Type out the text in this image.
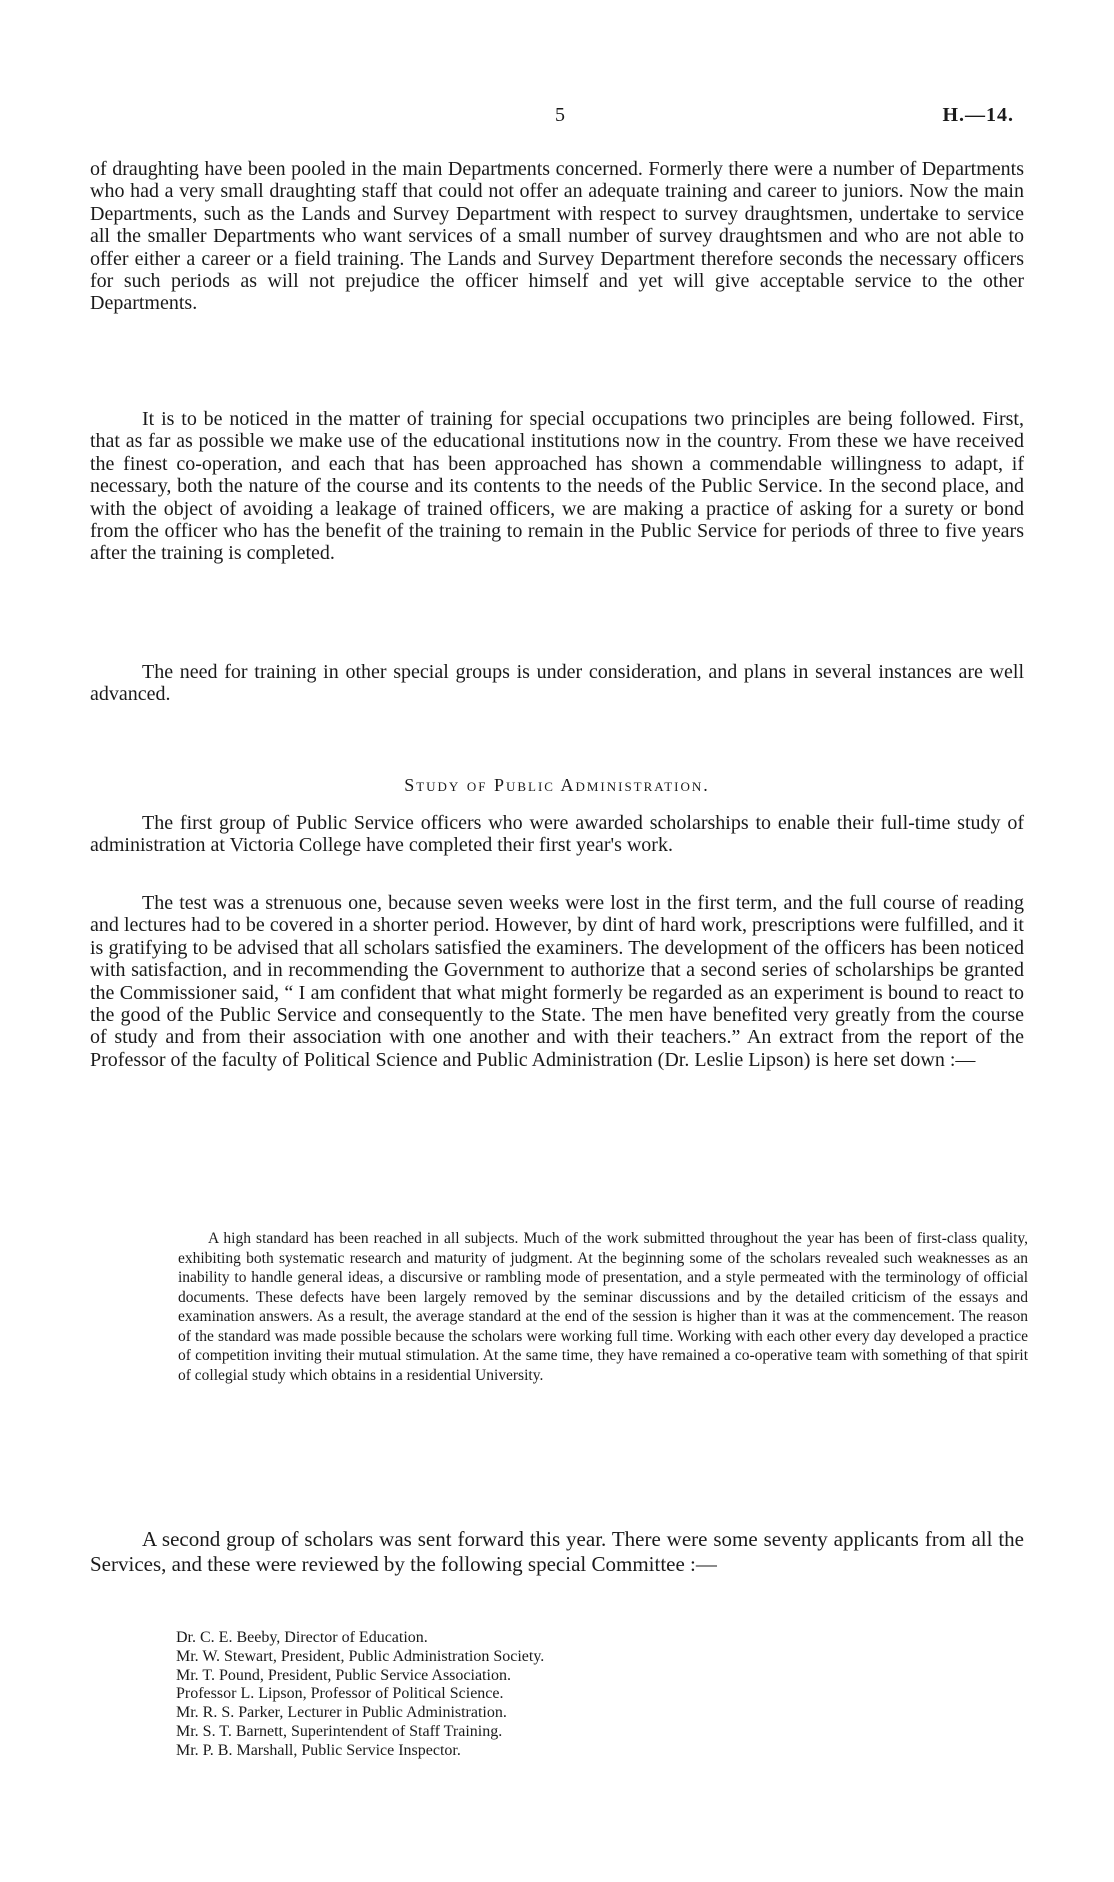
5	H.—14.

of draughting have been pooled in the main Departments concerned. Formerly there were a number of Departments who had a very small draughting staff that could not offer an adequate training and career to juniors. Now the main Departments, such as the Lands and Survey Department with respect to survey draughtsmen, undertake to service all the smaller Departments who want services of a small number of survey draughtsmen and who are not able to offer either a career or a field training. The Lands and Survey Department therefore seconds the necessary officers for such periods as will not prejudice the officer himself and yet will give acceptable service to the other Departments.

It is to be noticed in the matter of training for special occupations two principles are being followed. First, that as far as possible we make use of the educational institutions now in the country. From these we have received the finest co-operation, and each that has been approached has shown a commendable willingness to adapt, if necessary, both the nature of the course and its contents to the needs of the Public Service. In the second place, and with the object of avoiding a leakage of trained officers, we are making a practice of asking for a surety or bond from the officer who has the benefit of the training to remain in the Public Service for periods of three to five years after the training is completed.

The need for training in other special groups is under consideration, and plans in several instances are well advanced.

Study of Public Administration.

The first group of Public Service officers who were awarded scholarships to enable their full-time study of administration at Victoria College have completed their first year's work.

The test was a strenuous one, because seven weeks were lost in the first term, and the full course of reading and lectures had to be covered in a shorter period. However, by dint of hard work, prescriptions were fulfilled, and it is gratifying to be advised that all scholars satisfied the examiners. The development of the officers has been noticed with satisfaction, and in recommending the Government to authorize that a second series of scholarships be granted the Commissioner said, “ I am confident that what might formerly be regarded as an experiment is bound to react to the good of the Public Service and consequently to the State. The men have benefited very greatly from the course of study and from their association with one another and with their teachers.” An extract from the report of the Professor of the faculty of Political Science and Public Administration (Dr. Leslie Lipson) is here set down :—

A high standard has been reached in all subjects. Much of the work submitted throughout the year has been of first-class quality, exhibiting both systematic research and maturity of judgment. At the beginning some of the scholars revealed such weaknesses as an inability to handle general ideas, a discursive or rambling mode of presentation, and a style permeated with the terminology of official documents. These defects have been largely removed by the seminar discussions and by the detailed criticism of the essays and examination answers. As a result, the average standard at the end of the session is higher than it was at the commencement. The reason of the standard was made possible because the scholars were working full time. Working with each other every day developed a practice of competition inviting their mutual stimulation. At the same time, they have remained a co-operative team with something of that spirit of collegial study which obtains in a residential University.

A second group of scholars was sent forward this year. There were some seventy applicants from all the Services, and these were reviewed by the following special Committee :—

Dr. C. E. Beeby, Director of Education.
Mr. W. Stewart, President, Public Administration Society.
Mr. T. Pound, President, Public Service Association.
Professor L. Lipson, Professor of Political Science.
Mr. R. S. Parker, Lecturer in Public Administration.
Mr. S. T. Barnett, Superintendent of Staff Training.
Mr. P. B. Marshall, Public Service Inspector.
